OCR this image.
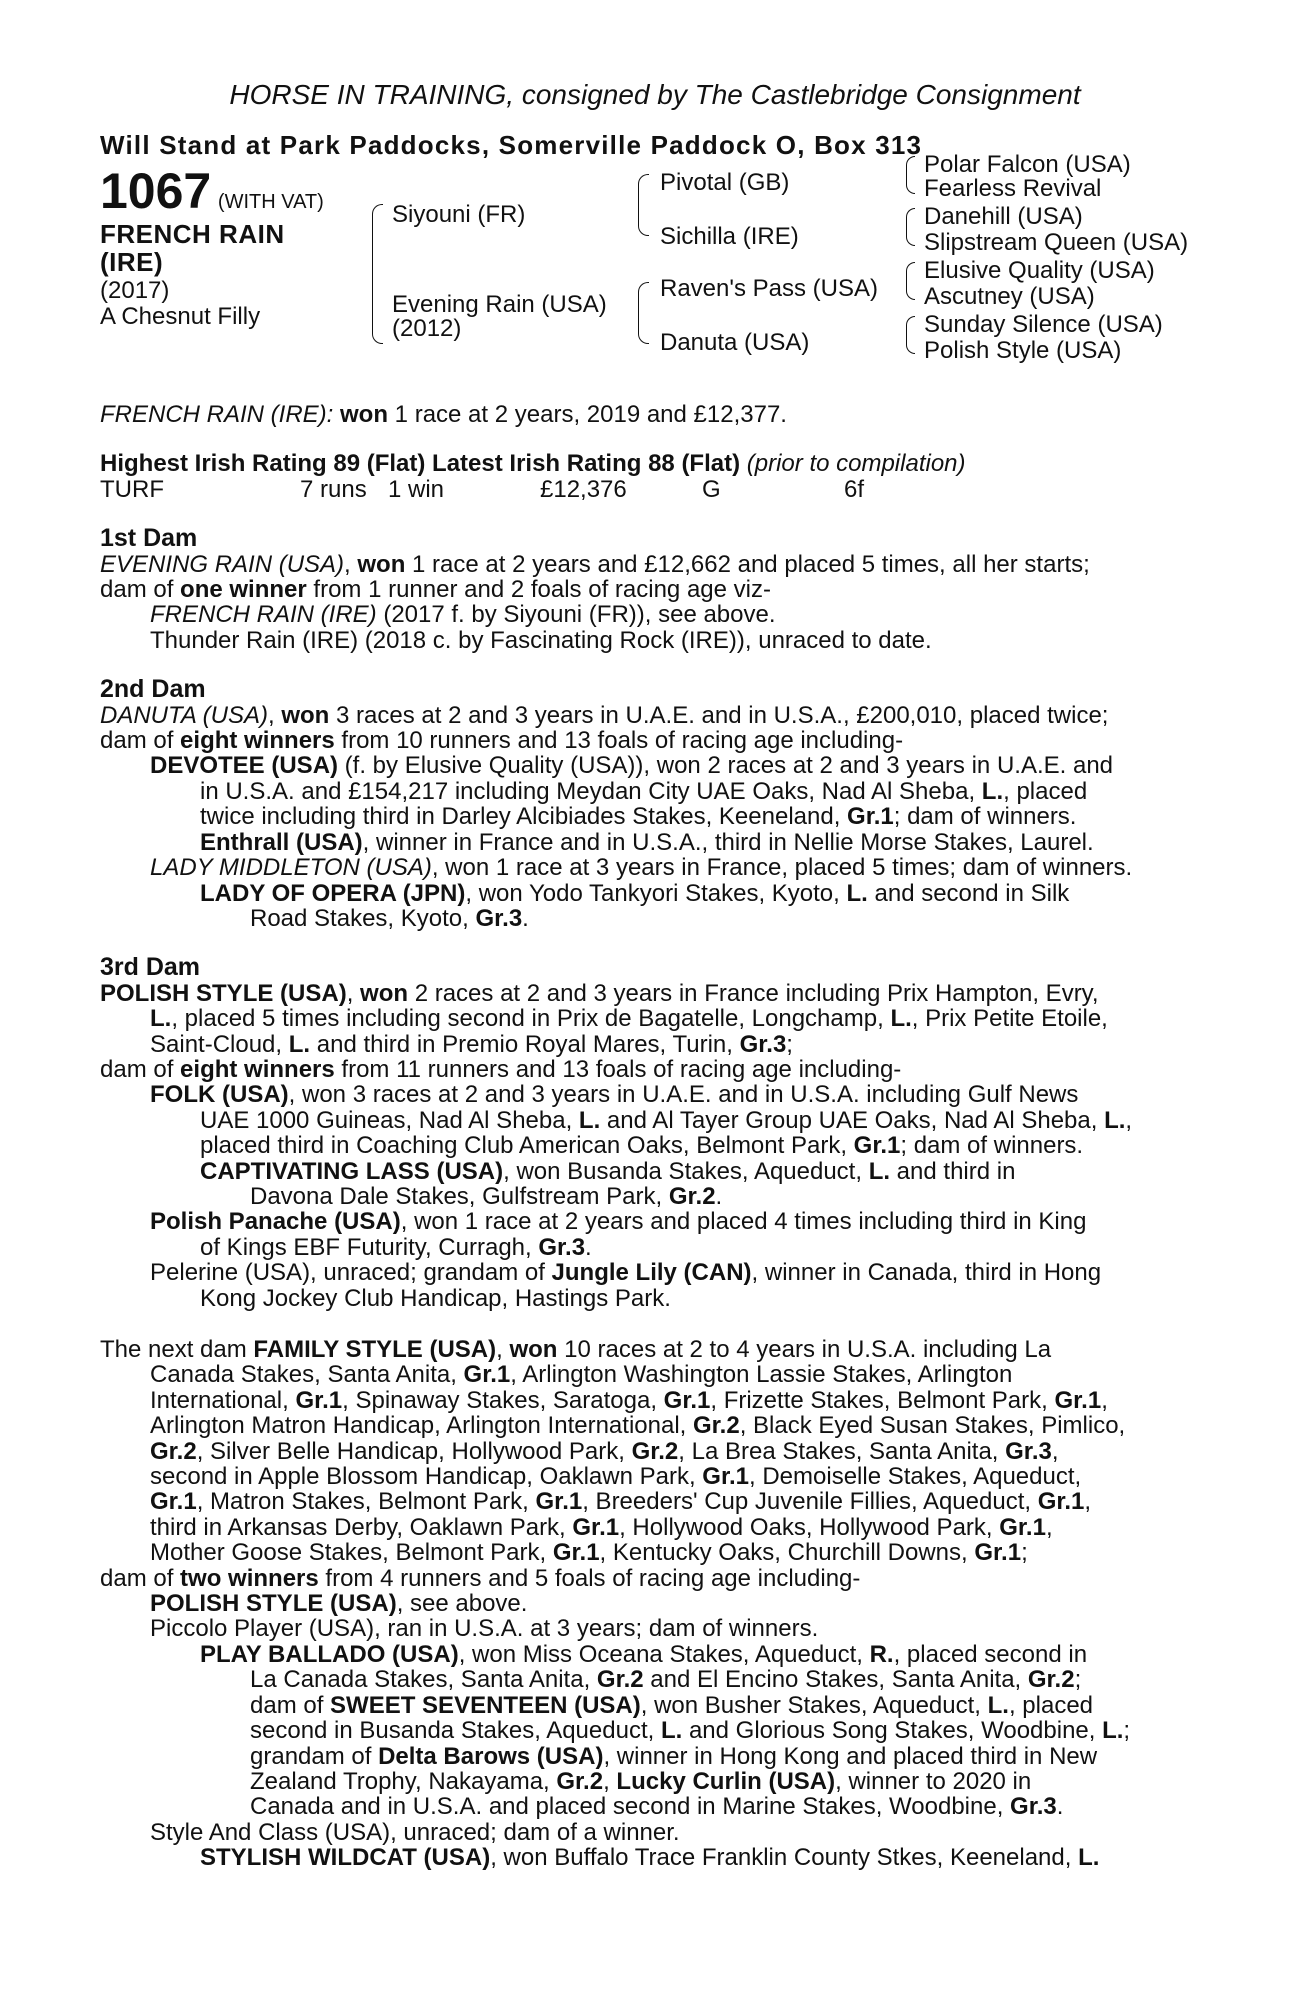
HORSE IN TRAINING, consigned by The Castlebridge Consignment

Will Stand at Park Paddocks, Somerville Paddock O, Box 313

1067 (WITH VAT)
FRENCH RAIN
(IRE)
(2017)
A Chesnut Filly
Siyouni (FR)
Evening Rain (USA)
(2012)
Pivotal (GB)
Sichilla (IRE)
Raven's Pass (USA)
Danuta (USA)
Polar Falcon (USA)
Fearless Revival
Danehill (USA)
Slipstream Queen (USA)
Elusive Quality (USA)
Ascutney (USA)
Sunday Silence (USA)
Polish Style (USA)

FRENCH RAIN (IRE): won 1 race at 2 years, 2019 and £12,377.

Highest Irish Rating 89 (Flat) Latest Irish Rating 88 (Flat) (prior to compilation)

TURF	7 runs 1 win	£12,376	G	6f

1st Dam

EVENING RAIN (USA), won 1 race at 2 years and £12,662 and placed 5 times, all her starts;

dam of one winner from 1 runner and 2 foals of racing age viz-

FRENCH RAIN (IRE) (2017 f. by Siyouni (FR)), see above.

Thunder Rain (IRE) (2018 c. by Fascinating Rock (IRE)), unraced to date.

2nd Dam

DANUTA (USA), won 3 races at 2 and 3 years in U.A.E. and in U.S.A., £200,010, placed twice;

dam of eight winners from 10 runners and 13 foals of racing age including-

DEVOTEE (USA) (f. by Elusive Quality (USA)), won 2 races at 2 and 3 years in U.A.E. and

in U.S.A. and £154,217 including Meydan City UAE Oaks, Nad Al Sheba, L., placed

twice including third in Darley Alcibiades Stakes, Keeneland, Gr.1; dam of winners.

Enthrall (USA), winner in France and in U.S.A., third in Nellie Morse Stakes, Laurel.

LADY MIDDLETON (USA), won 1 race at 3 years in France, placed 5 times; dam of winners.

LADY OF OPERA (JPN), won Yodo Tankyori Stakes, Kyoto, L. and second in Silk

Road Stakes, Kyoto, Gr.3.

3rd Dam

POLISH STYLE (USA), won 2 races at 2 and 3 years in France including Prix Hampton, Evry,

L., placed 5 times including second in Prix de Bagatelle, Longchamp, L., Prix Petite Etoile,

Saint-Cloud, L. and third in Premio Royal Mares, Turin, Gr.3;

dam of eight winners from 11 runners and 13 foals of racing age including-

FOLK (USA), won 3 races at 2 and 3 years in U.A.E. and in U.S.A. including Gulf News

UAE 1000 Guineas, Nad Al Sheba, L. and Al Tayer Group UAE Oaks, Nad Al Sheba, L.,

placed third in Coaching Club American Oaks, Belmont Park, Gr.1; dam of winners.

CAPTIVATING LASS (USA), won Busanda Stakes, Aqueduct, L. and third in

Davona Dale Stakes, Gulfstream Park, Gr.2.

Polish Panache (USA), won 1 race at 2 years and placed 4 times including third in King

of Kings EBF Futurity, Curragh, Gr.3.

Pelerine (USA), unraced; grandam of Jungle Lily (CAN), winner in Canada, third in Hong

Kong Jockey Club Handicap, Hastings Park.

The next dam FAMILY STYLE (USA), won 10 races at 2 to 4 years in U.S.A. including La

Canada Stakes, Santa Anita, Gr.1, Arlington Washington Lassie Stakes, Arlington

International, Gr.1, Spinaway Stakes, Saratoga, Gr.1, Frizette Stakes, Belmont Park, Gr.1,

Arlington Matron Handicap, Arlington International, Gr.2, Black Eyed Susan Stakes, Pimlico,

Gr.2, Silver Belle Handicap, Hollywood Park, Gr.2, La Brea Stakes, Santa Anita, Gr.3,

second in Apple Blossom Handicap, Oaklawn Park, Gr.1, Demoiselle Stakes, Aqueduct,

Gr.1, Matron Stakes, Belmont Park, Gr.1, Breeders' Cup Juvenile Fillies, Aqueduct, Gr.1,

third in Arkansas Derby, Oaklawn Park, Gr.1, Hollywood Oaks, Hollywood Park, Gr.1,

Mother Goose Stakes, Belmont Park, Gr.1, Kentucky Oaks, Churchill Downs, Gr.1;

dam of two winners from 4 runners and 5 foals of racing age including-

POLISH STYLE (USA), see above.

Piccolo Player (USA), ran in U.S.A. at 3 years; dam of winners.

PLAY BALLADO (USA), won Miss Oceana Stakes, Aqueduct, R., placed second in

La Canada Stakes, Santa Anita, Gr.2 and El Encino Stakes, Santa Anita, Gr.2;

dam of SWEET SEVENTEEN (USA), won Busher Stakes, Aqueduct, L., placed

second in Busanda Stakes, Aqueduct, L. and Glorious Song Stakes, Woodbine, L.;

grandam of Delta Barows (USA), winner in Hong Kong and placed third in New

Zealand Trophy, Nakayama, Gr.2, Lucky Curlin (USA), winner to 2020 in

Canada and in U.S.A. and placed second in Marine Stakes, Woodbine, Gr.3.

Style And Class (USA), unraced; dam of a winner.

STYLISH WILDCAT (USA), won Buffalo Trace Franklin County Stkes, Keeneland, L.
